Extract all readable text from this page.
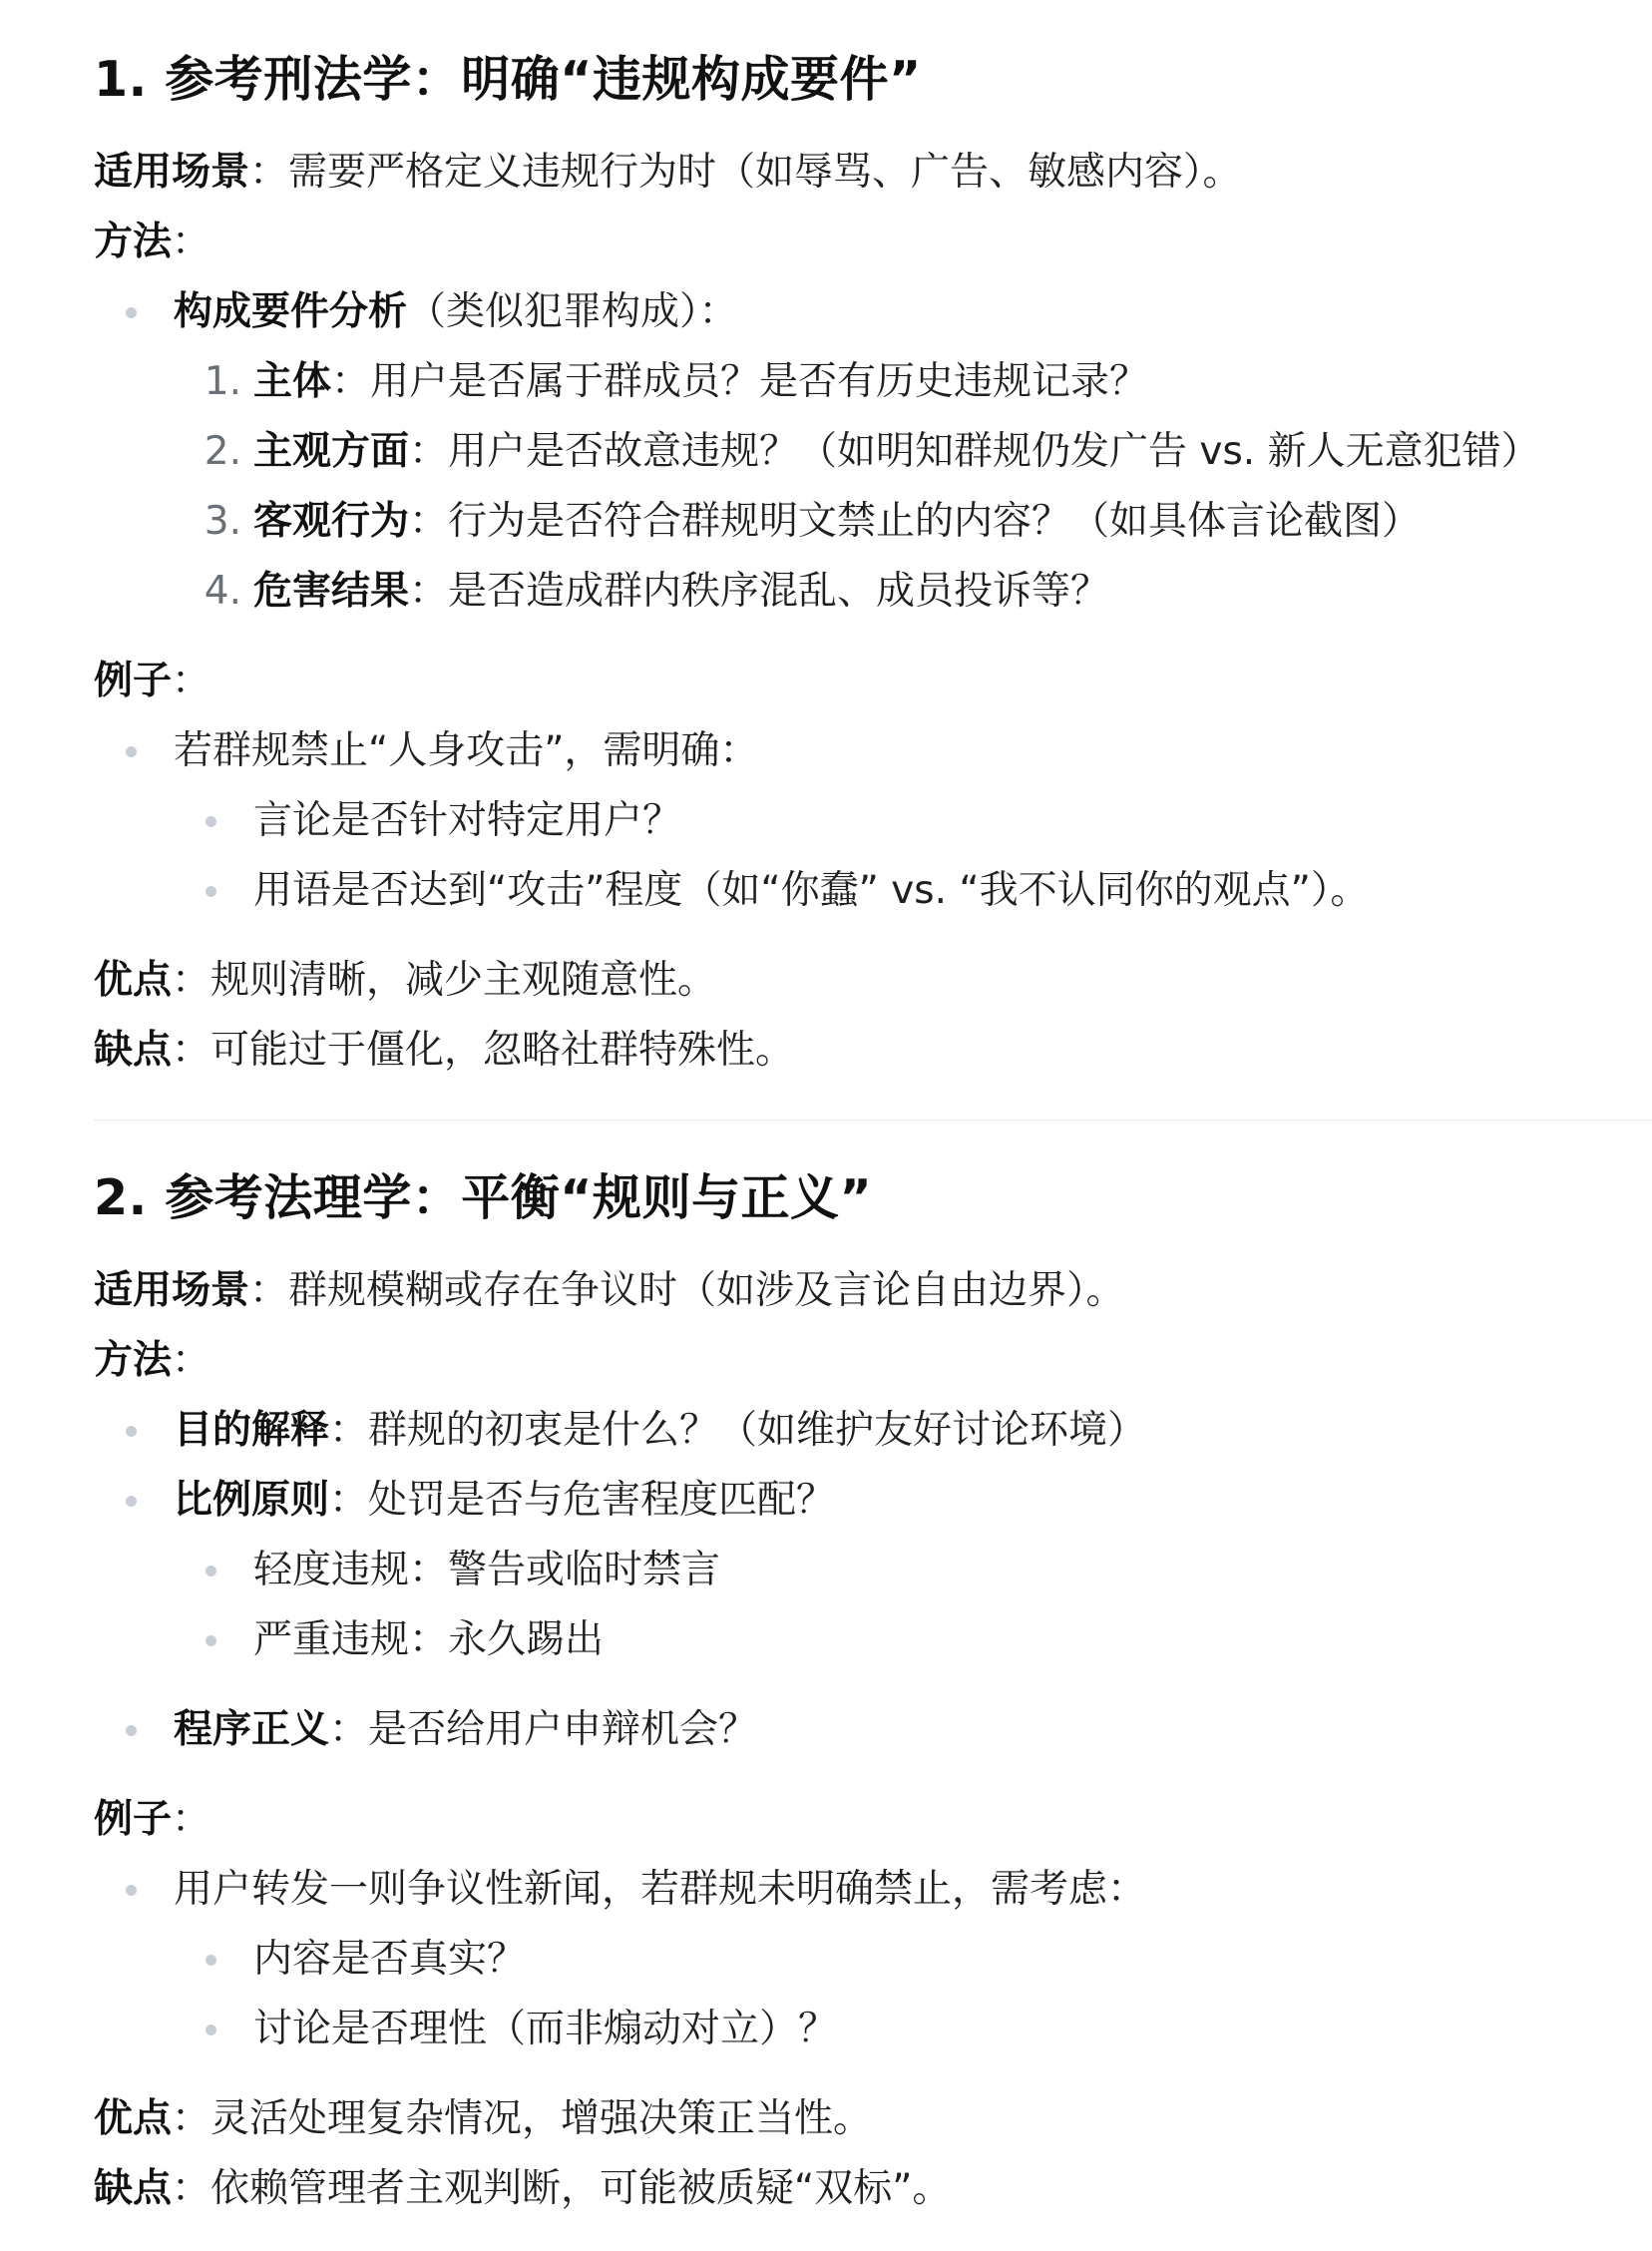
1. 参考刑法学：明确“违规构成要件”
适用场景：需要严格定义违规行为时（如辱骂、广告、敏感内容）。
方法：
构成要件分析（类似犯罪构成）：
1. 主体：用户是否属于群成员？是否有历史违规记录？
2. 主观方面：用户是否故意违规？（如明知群规仍发广告 vs. 新人无意犯错）
3. 客观行为：行为是否符合群规明文禁止的内容？（如具体言论截图）
4. 危害结果：是否造成群内秩序混乱、成员投诉等？
例子：
若群规禁止“人身攻击”，需明确：
言论是否针对特定用户？
用语是否达到“攻击”程度（如“你蠢” vs. “我不认同你的观点”）。
优点：规则清晰，减少主观随意性。
缺点：可能过于僵化，忽略社群特殊性。
2. 参考法理学：平衡“规则与正义”
适用场景：群规模糊或存在争议时（如涉及言论自由边界）。
方法：
目的解释：群规的初衷是什么？（如维护友好讨论环境）
比例原则：处罚是否与危害程度匹配？
轻度违规：警告或临时禁言
严重违规：永久踢出
程序正义：是否给用户申辩机会？
例子：
用户转发一则争议性新闻，若群规未明确禁止，需考虑：
内容是否真实？
讨论是否理性（而非煽动对立）？
优点：灵活处理复杂情况，增强决策正当性。
缺点：依赖管理者主观判断，可能被质疑“双标”。
